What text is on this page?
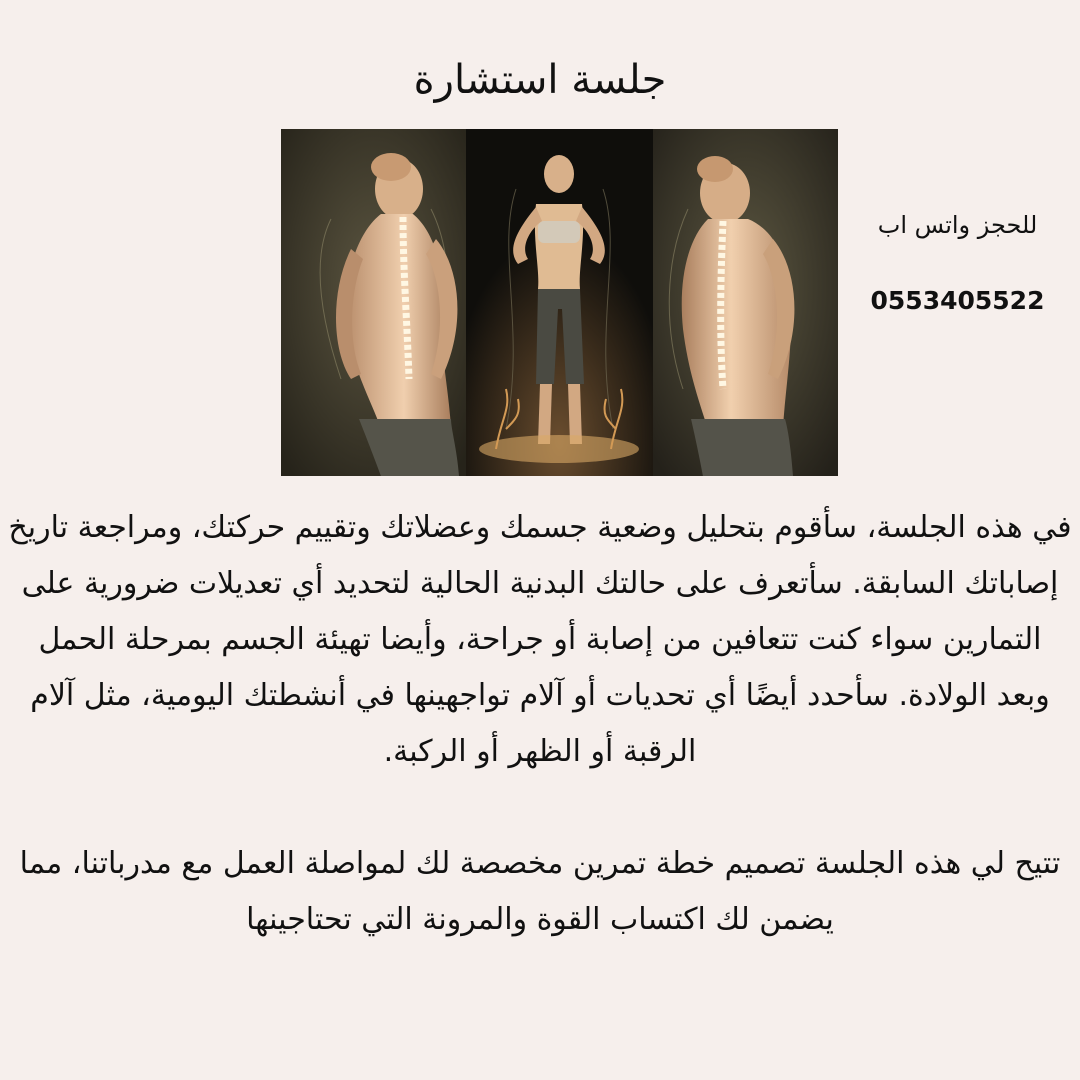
جلسة استشارة
للحجز واتس اب
0553405522

في هذه الجلسة، سأقوم بتحليل وضعية جسمك وعضلاتك وتقييم حركتك، ومراجعة تاريخ إصاباتك السابقة. سأتعرف على حالتك البدنية الحالية لتحديد أي تعديلات ضرورية على التمارين سواء كنت تتعافين من إصابة أو جراحة، وأيضا تهيئة الجسم بمرحلة الحمل وبعد الولادة. سأحدد أيضًا أي تحديات أو آلام تواجهينها في أنشطتك اليومية، مثل آلام الرقبة أو الظهر أو الركبة.

تتيح لي هذه الجلسة تصميم خطة تمرين مخصصة لك لمواصلة العمل مع مدرباتنا، مما يضمن لك اكتساب القوة والمرونة التي تحتاجينها
